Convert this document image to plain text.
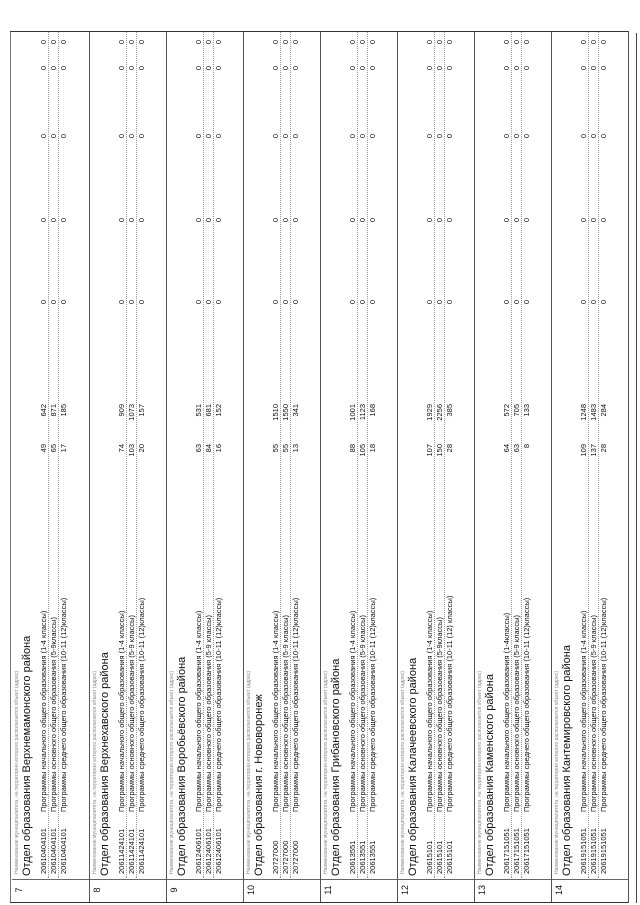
7
Наименование муниципалитета, на территории которого располагается объект (адрес) Отдел образования Верхнемамонского района 20610404101
Программы начального общего образования (1-4 классы)
49
642
0
0
0
0
0
20610404101
Программы основного общего образования (5-9классы)
65
871
0
0
0
0
0
20610404101
Программы среднего общего образования (10-11 (12)классы)
17
185
0
0
0
0
0
8
Наименование муниципалитета, на территории которого располагается объект (адрес) Отдел образования Верхнехавского района 20611424101
Программы начального общего образования (1-4 классы)
74
909
0
0
0
0
0
20611424101
Программы основного общего образования (5-9 классы)
103
1073
0
0
0
0
0
20611424101
Программы среднего общего образования (10-11 (12)классы)
20
157
0
0
0
0
0
9
Наименование муниципалитета, на территории которого располагается объект (адрес) Отдел образования Воробьёвского района 20612406101
Программы начального общего образования (1-4 классы)
63
531
0
0
0
0
0
20612406101
Программы основного общего образования (5-9 классы)
84
681
0
0
0
0
0
20612406101
Программы среднего общего образования (10-11 (12)классы)
16
152
0
0
0
0
0
10
Наименование муниципалитета, на территории которого располагается объект (адрес) Отдел образования г. Нововоронеж 20727000
Программы начального общего образования (1-4 классы)
55
1510
0
0
0
0
0
20727000
Программы основного общего образования (5-9 классы)
55
1550
0
0
0
0
0
20727000
Программы среднего общего образования (10-11 (12)классы)
13
341
0
0
0
0
0
11
Наименование муниципалитета, на территории которого располагается объект (адрес) Отдел образования Грибановского района 20613551
Программы начального общего образования (1-4 классы)
88
1001
0
0
0
0
0
20613551
Программы основного общего образования (5-9 классы)
105
1123
0
0
0
0
0
20613551
Программы среднего общего образования (10-11 (12)классы)
18
168
0
0
0
0
0
12
Наименование муниципалитета, на территории которого располагается объект (адрес) Отдел образования Калачеевского района 20615101
Программы начального общего образования (1-4 классы)
107
1929
0
0
0
0
0
20615101
Программы основного общего образования (5-9классы)
150
2256
0
0
0
0
0
20615101
Программы среднего общего образования (10-11 (12) классы)
28
385
0
0
0
0
0
13
Наименование муниципалитета, на территории которого располагается объект (адрес) Отдел образования Каменского района 20617151051
Программы начального общего образования (1-4классы)
64
572
0
0
0
0
0
20617151051
Программы основного общего образования (5-9 классы)
63
705
0
0
0
0
0
20617151051
Программы среднего общего образования (10-11 (12)классы)
8
133
0
0
0
0
0
14
Наименование муниципалитета, на территории которого располагается объект (адрес) Отдел образования Кантемировского района 20619151051
Программы начального общего образования (1-4 классы)
109
1248
0
0
0
0
0
20619151051
Программы основного общего образования (5-9 классы)
137
1483
0
0
0
0
0
20619151051
Программы среднего общего образования (10-11 (12)классы)
28
284
0
0
0
0
0
